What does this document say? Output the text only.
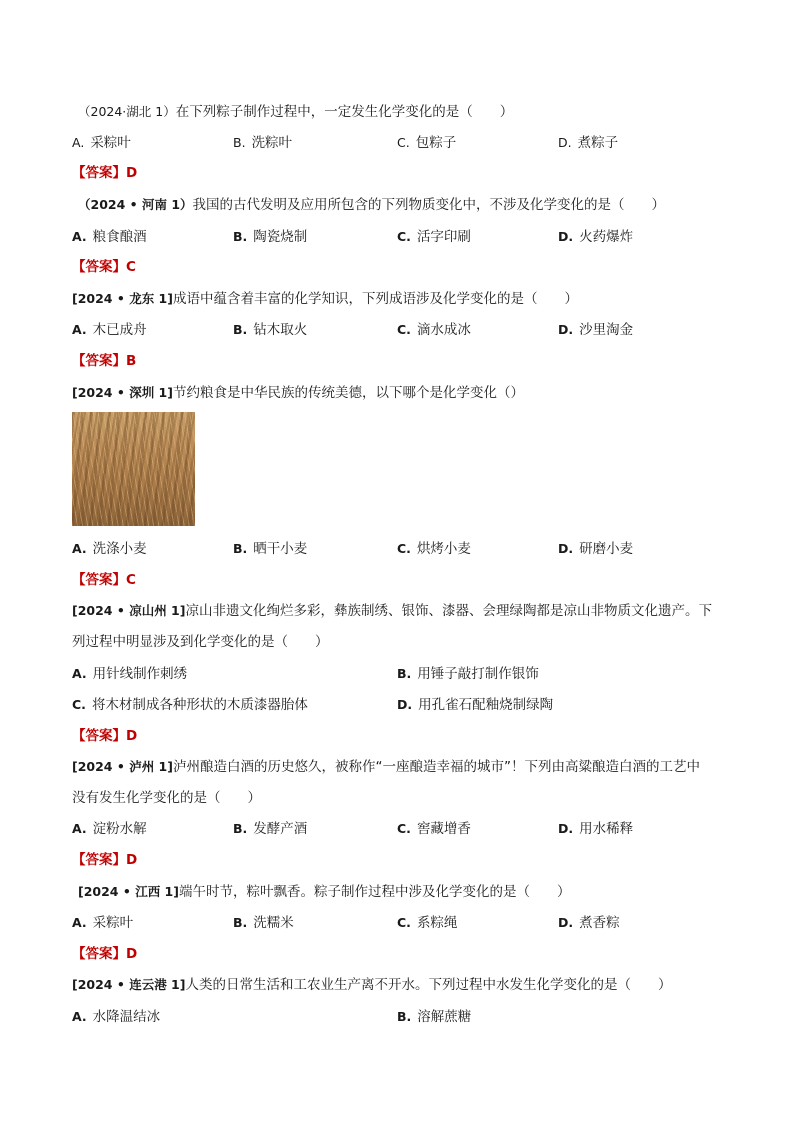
（2024·湖北 1）在下列粽子制作过程中，一定发生化学变化的是（　　）
A. 采粽叶	B. 洗粽叶	C. 包粽子	D. 煮粽子
【答案】D
（2024 • 河南 1）我国的古代发明及应用所包含的下列物质变化中，不涉及化学变化的是（　　）
A. 粮食酿酒	B. 陶瓷烧制	C. 活字印刷	D. 火药爆炸
【答案】C
[2024 • 龙东 1]成语中蕴含着丰富的化学知识，下列成语涉及化学变化的是（　　）
A. 木已成舟	B. 钻木取火	C. 滴水成冰	D. 沙里淘金
【答案】B
[2024 • 深圳 1]节约粮食是中华民族的传统美德，以下哪个是化学变化（）
A. 洗涤小麦	B. 晒干小麦	C. 烘烤小麦	D. 研磨小麦
【答案】C
[2024 • 凉山州 1]凉山非遗文化绚烂多彩，彝族制绣、银饰、漆器、会理绿陶都是凉山非物质文化遗产。下
列过程中明显涉及到化学变化的是（　　）
A. 用针线制作刺绣	B. 用锤子敲打制作银饰
C. 将木材制成各种形状的木质漆器胎体	D. 用孔雀石配釉烧制绿陶
【答案】D
[2024 • 泸州 1]泸州酿造白酒的历史悠久，被称作“一座酿造幸福的城市”！下列由高粱酿造白酒的工艺中
没有发生化学变化的是（　　）
A. 淀粉水解	B. 发酵产酒	C. 窖藏增香	D. 用水稀释
【答案】D
[2024 • 江西 1]端午时节，粽叶飘香。粽子制作过程中涉及化学变化的是（　　）
A. 采粽叶	B. 洗糯米	C. 系粽绳	D. 煮香粽
【答案】D
[2024 • 连云港 1]人类的日常生活和工农业生产离不开水。下列过程中水发生化学变化的是（　　）
A. 水降温结冰	B. 溶解蔗糖
